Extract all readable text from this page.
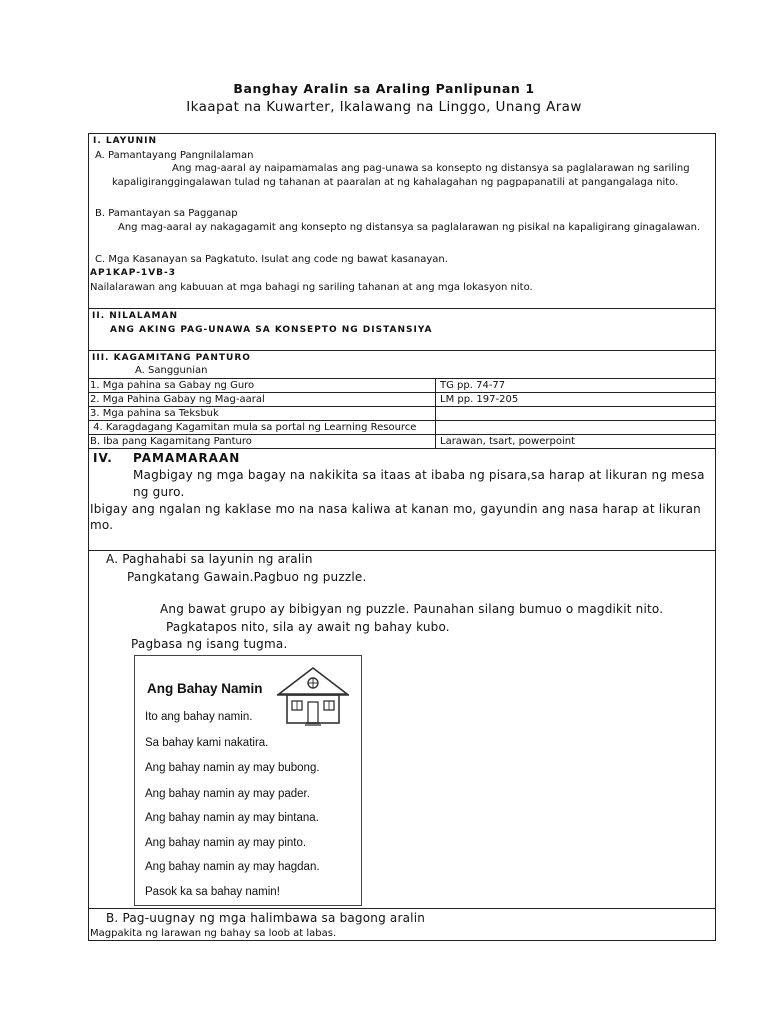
Banghay Aralin sa Araling Panlipunan 1
Ikaapat na Kuwarter, Ikalawang na Linggo, Unang Araw
I. LAYUNIN
A. Pamantayang Pangnilalaman
Ang mag-aaral ay naipamamalas ang pag-unawa sa konsepto ng distansya sa paglalarawan ng sariling
kapaligiranggingalawan tulad ng tahanan at paaralan at ng kahalagahan ng pagpapanatili at pangangalaga nito.
B. Pamantayan sa Pagganap
Ang mag-aaral ay nakagagamit ang konsepto ng distansya sa paglalarawan ng pisikal na kapaligirang ginagalawan.
C. Mga Kasanayan sa Pagkatuto. Isulat ang code ng bawat kasanayan.
AP1KAP-1VB-3
Nailalarawan ang kabuuan at mga bahagi ng sariling tahanan at ang mga lokasyon nito.
II. NILALAMAN
ANG AKING PAG-UNAWA SA KONSEPTO NG DISTANSIYA
III. KAGAMITANG PANTURO
A. Sanggunian
1. Mga pahina sa Gabay ng Guro	TG pp. 74-77
2. Mga Pahina Gabay ng Mag-aaral	LM pp. 197-205
3. Mga pahina sa Teksbuk
4. Karagdagang Kagamitan mula sa portal ng Learning Resource
B. Iba pang Kagamitang Panturo	Larawan, tsart, powerpoint
IV. PAMAMARAAN
Magbigay ng mga bagay na nakikita sa itaas at ibaba ng pisara,sa harap at likuran ng mesa
ng guro.
Ibigay ang ngalan ng kaklase mo na nasa kaliwa at kanan mo, gayundin ang nasa harap at likuran
mo.
A. Paghahabi sa layunin ng aralin
Pangkatang Gawain.Pagbuo ng puzzle.
Ang bawat grupo ay bibigyan ng puzzle. Paunahan silang bumuo o magdikit nito.
Pagkatapos nito, sila ay await ng bahay kubo.
Pagbasa ng isang tugma.
Ang Bahay Namin
Ito ang bahay namin.
Sa bahay kami nakatira.
Ang bahay namin ay may bubong.
Ang bahay namin ay may pader.
Ang bahay namin ay may bintana.
Ang bahay namin ay may pinto.
Ang bahay namin ay may hagdan.
Pasok ka sa bahay namin!
B. Pag-uugnay ng mga halimbawa sa bagong aralin
Magpakita ng larawan ng bahay sa loob at labas.
